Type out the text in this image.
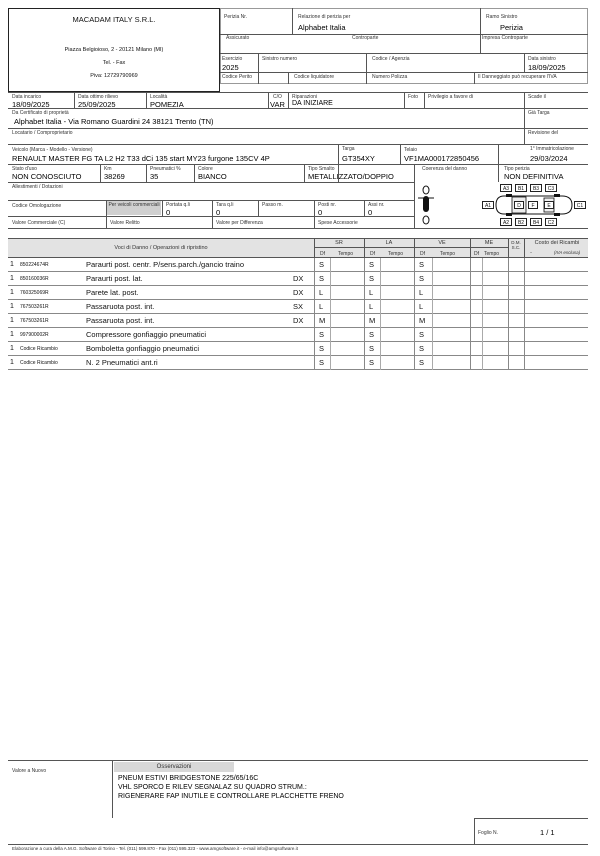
MACADAM ITALY S.R.L.
Piazza Belgioioso, 2 - 20121 Milano (MI)
Tel. - Fax
Piva: 12729790969
Perizia Nr.	Relazione di perizia per
Alphabet Italia
Ramo Sinistro
Perizia
Assicurato	Controparte	Impresa Controparte
Esercizio
2025
Sinistro numero	Codice / Agenzia	Data sinistro
18/09/2025
Codice Perito	Codice liquidatore	Numero Polizza	Il Danneggiato può recuperare l'IVA
Data incarico
18/09/2025
Data ottimo rilievo
25/09/2025
Località
POMEZIA
C/O
VAR
Riparazioni
DA INIZIARE
Foto Privilegio a favore di	Scade il
Da Certificato di proprietà
Alphabet Italia - Via Romano Guardini 24 38121 Trento (TN)
Già Targa
Locatario / Comproprietario	Revisione del
Veicolo (Marca - Modello - Versione)
RENAULT MASTER FG TA L2 H2 T33 dCi 135 start MY23 furgone 135CV 4P
Targa
GT354XY
Telaio
VF1MA000172850456
1° Immatricolazione
29/03/2024
Stato d'uso
NON CONOSCIUTO
Km
38269
Pneumatici %
35
Colore
BIANCO
Tipo Smalto
METALLIZZATO/DOPPIO
Coerenza del danno	Tipo perizia
NON DEFINITIVA
Allestimenti / Dotazioni
Codice Omologazione	Per veicoli commerciali Portata q.li
0
Tara q.li
0
Passo m.	Posti nr.
0
Assi nr.
0
Valore Commerciale (C)	Valore Relitto	Valore per Differenza	Spese Accessorie
A3	B1	B3	C3
A1	D	F	E	C1
A2	B2	B4	C2
Voci di Danno / Operazioni di ripristino
SR	LA	VE	ME	D.M. S.C.
Costo dei Ricambi
-	(IVA esclusa)
Df	Tempo	Df	Tempo	Df	Tempo	Df Tempo
1 850224674R	Paraurti post. centr. P/sens.parch./gancio traino	S	S	S
1 850160036R	Paraurti post. lat.	DX S	S	S
1 760325069R	Parete lat. post.	DX L	L	L
1 767503261R	Passaruota post. int.	SX L	L	L
1 767503261R	Passaruota post. int.	DX M	M	M
1 997900002R	Compressore gonfiaggio pneumatici	S	S	S
1 Codice Ricambio	Bomboletta gonfiaggio pneumatici	S	S	S
1 Codice Ricambio	N. 2 Pneumatici ant.ri	S	S	S
Valore a Nuovo
Osservazioni
PNEUM ESTIVI BRIDGESTONE 225/65/16C
VHL SPORCO E RILEV SEGNALAZ SU QUADRO STRUM.:
RIGENERARE FAP INUTILE E CONTROLLARE PLACCHETTE FRENO
Foglio N.	1 / 1
Elaborazione a cura della A.M.G. Software di Torino - Tel. (011) 599.870 - Fax (011) 595.323 - www.amgsoftware.it - e-mail info@amgsoftware.it
